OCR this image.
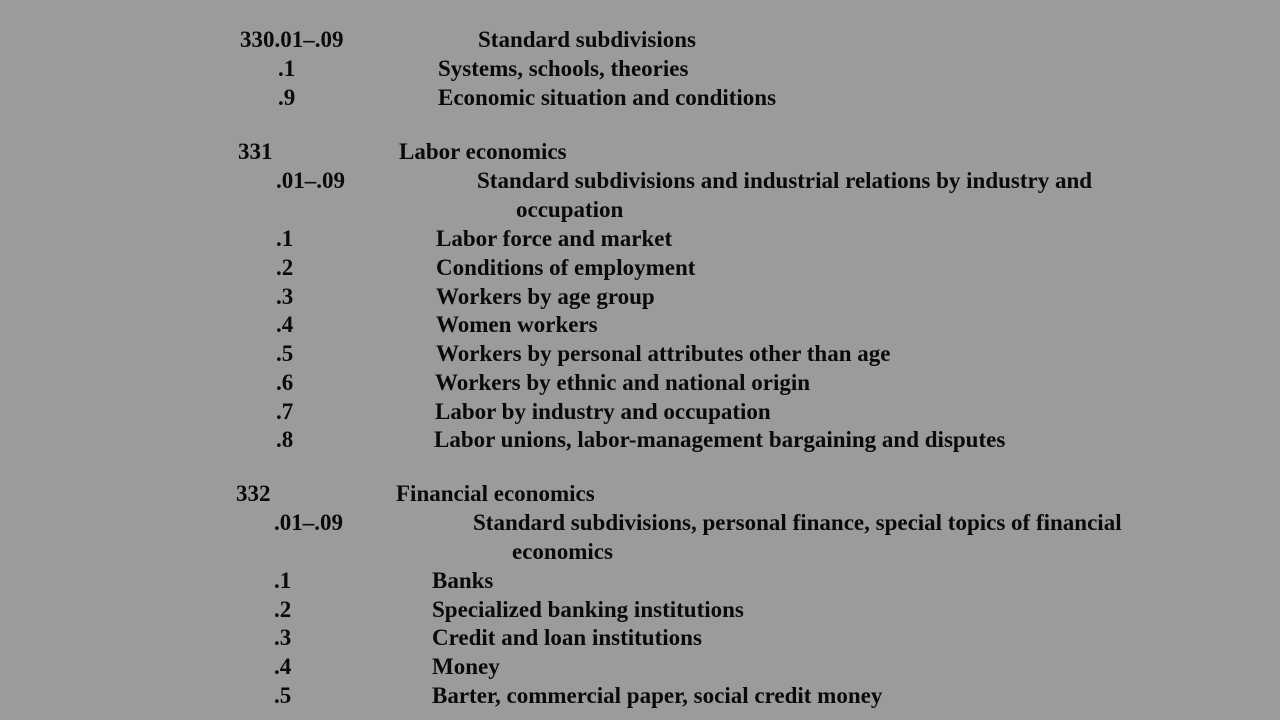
330.01–.09	Standard subdivisions
.1	Systems, schools, theories
.9	Economic situation and conditions
331	Labor economics
.01–.09	Standard subdivisions and industrial relations by industry and
occupation
.1	Labor force and market
.2	Conditions of employment
.3	Workers by age group
.4	Women workers
.5	Workers by personal attributes other than age
.6	Workers by ethnic and national origin
.7	Labor by industry and occupation
.8	Labor unions, labor-management bargaining and disputes
332	Financial economics
.01–.09	Standard subdivisions, personal finance, special topics of financial
economics
.1	Banks
.2	Specialized banking institutions
.3	Credit and loan institutions
.4	Money
.5	Barter, commercial paper, social credit money
